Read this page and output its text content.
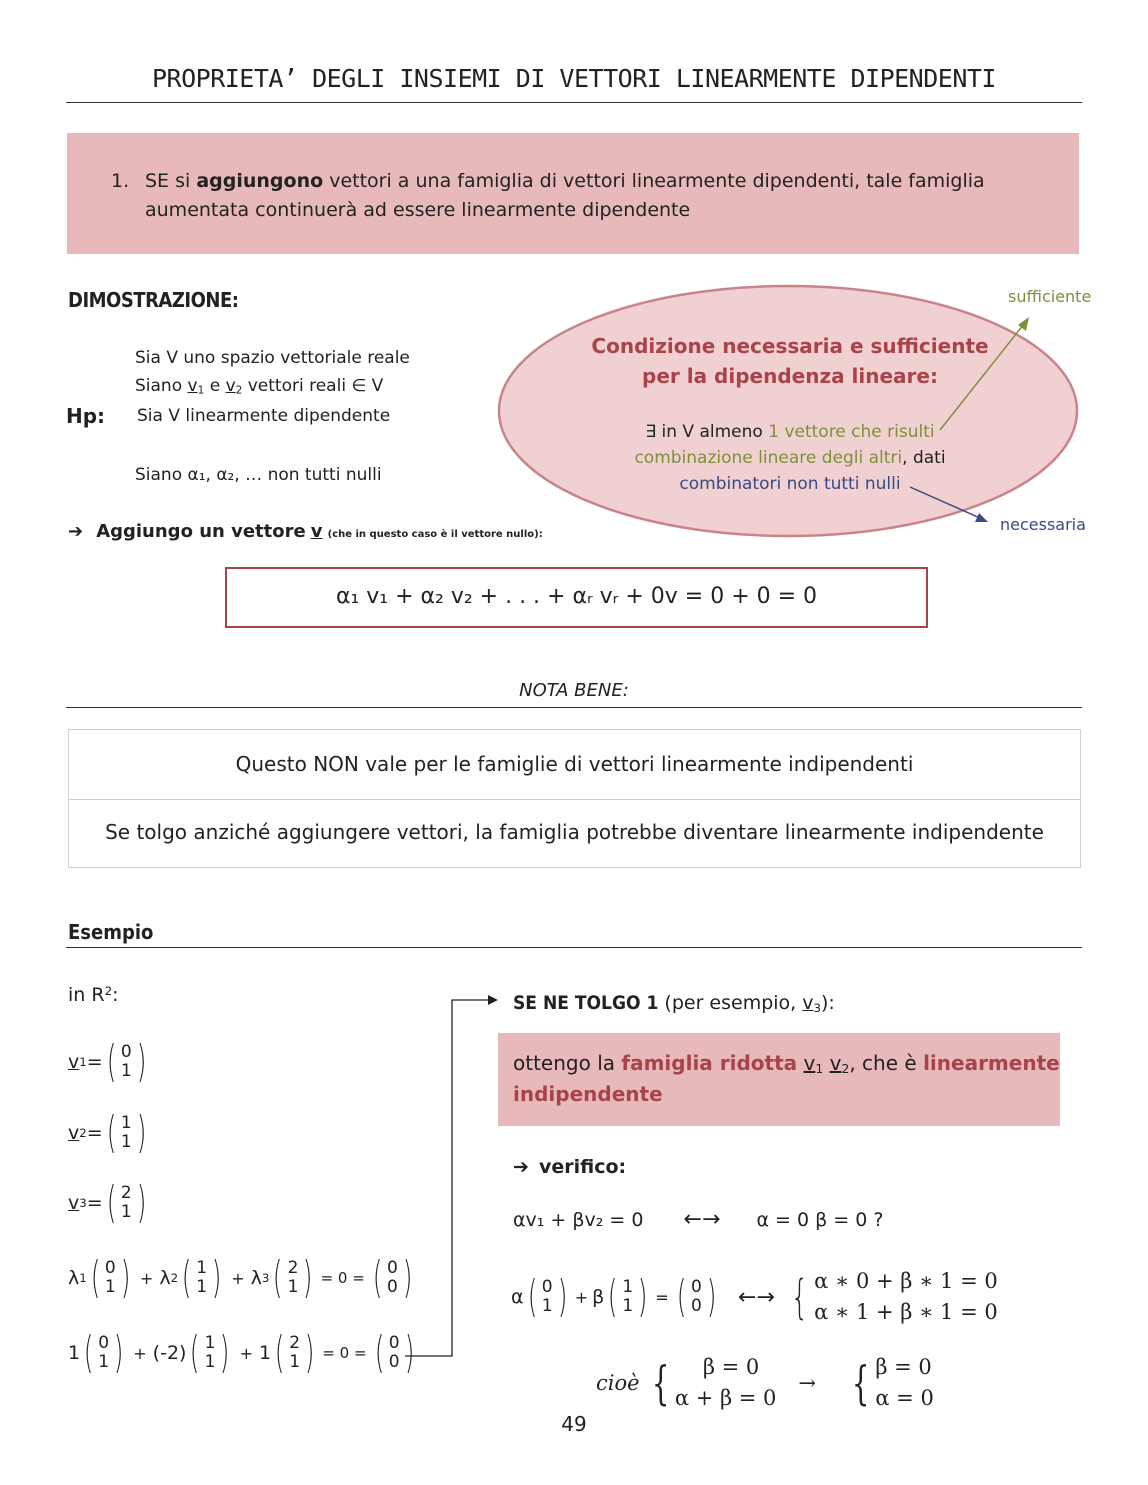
PROPRIETA’ DEGLI INSIEMI DI VETTORI LINEARMENTE DIPENDENTI
1. SE si aggiungono vettori a una famiglia di vettori linearmente dipendenti, tale famiglia
aumentata continuerà ad essere linearmente dipendente
DIMOSTRAZIONE:
Sia V uno spazio vettoriale reale
Siano $v_1$ e $v_2$ vettori reali ∈ V
Hp: Sia V linearmente dipendente
Siano α₁, α₂, … non tutti nulli
➔ Aggiungo un vettore v (che in questo caso è il vettore nullo):
α₁ v₁ + α₂ v₂ + . . . + αᵣ vᵣ + 0v = 0 + 0 = 0
Condizione necessaria e sufficiente
per la dipendenza lineare:
∃ in V almeno 1 vettore che risulti
combinazione lineare degli altri, dati
combinatori non tutti nulli
sufficiente
necessaria
NOTA BENE:
Questo NON vale per le famiglie di vettori linearmente indipendenti
Se tolgo anziché aggiungere vettori, la famiglia potrebbe diventare linearmente indipendente
Esempio
in $R^2$:
v 1 = ( 0
1 )
v 2 = ( 1
1 )
v 3 = ( 2
1 )
λ 1 ( 0
1 ) + λ 2 ( 1
1 ) + λ 3 ( 2
1 ) = 0 = ( 0
0 )
1 ( 0
1 ) + (-2) ( 1
1 ) + 1 ( 2
1 ) = 0 = ( 0
0 )
SE NE TOLGO 1 (per esempio, $v_3$):
ottengo la famiglia ridotta $v_1$ $v_2$, che è linearmente
indipendente
➔ verifico:
αv₁ + βv₂ = 0 ←→ α = 0 β = 0 ?
α ( 0
1 ) + β ( 1
1 ) = ( 0
0 ) ←→ { α ∗ 0 + β ∗ 1 = 0
α ∗ 1 + β ∗ 1 = 0
cioè {	β = 0
α + β = 0
→ { β = 0
α = 0
49
